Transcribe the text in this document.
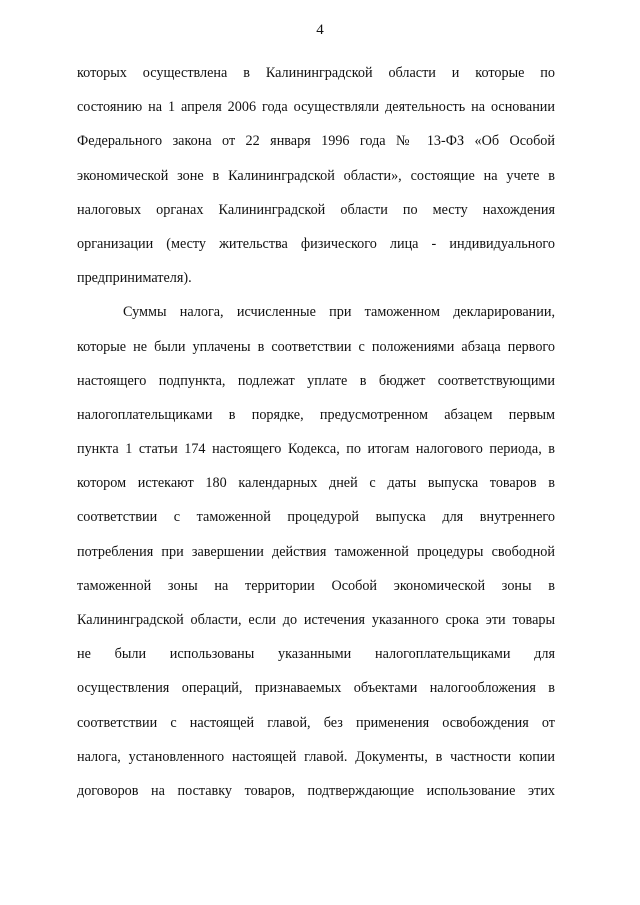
4
которых осуществлена в Калининградской области и которые по
состоянию на 1 апреля 2006 года осуществляли деятельность на основании
Федерального закона от 22 января 1996 года № 13-ФЗ «Об Особой
экономической зоне в Калининградской области», состоящие на учете в
налоговых органах Калининградской области по месту нахождения
организации (месту жительства физического лица - индивидуального
предпринимателя).
Суммы налога, исчисленные при таможенном декларировании,
которые не были уплачены в соответствии с положениями абзаца первого
настоящего подпункта, подлежат уплате в бюджет соответствующими
налогоплательщиками в порядке, предусмотренном абзацем первым
пункта 1 статьи 174 настоящего Кодекса, по итогам налогового периода, в
котором истекают 180 календарных дней с даты выпуска товаров в
соответствии с таможенной процедурой выпуска для внутреннего
потребления при завершении действия таможенной процедуры свободной
таможенной зоны на территории Особой экономической зоны в
Калининградской области, если до истечения указанного срока эти товары
не были использованы указанными налогоплательщиками для
осуществления операций, признаваемых объектами налогообложения в
соответствии с настоящей главой, без применения освобождения от
налога, установленного настоящей главой. Документы, в частности копии
договоров на поставку товаров, подтверждающие использование этих
